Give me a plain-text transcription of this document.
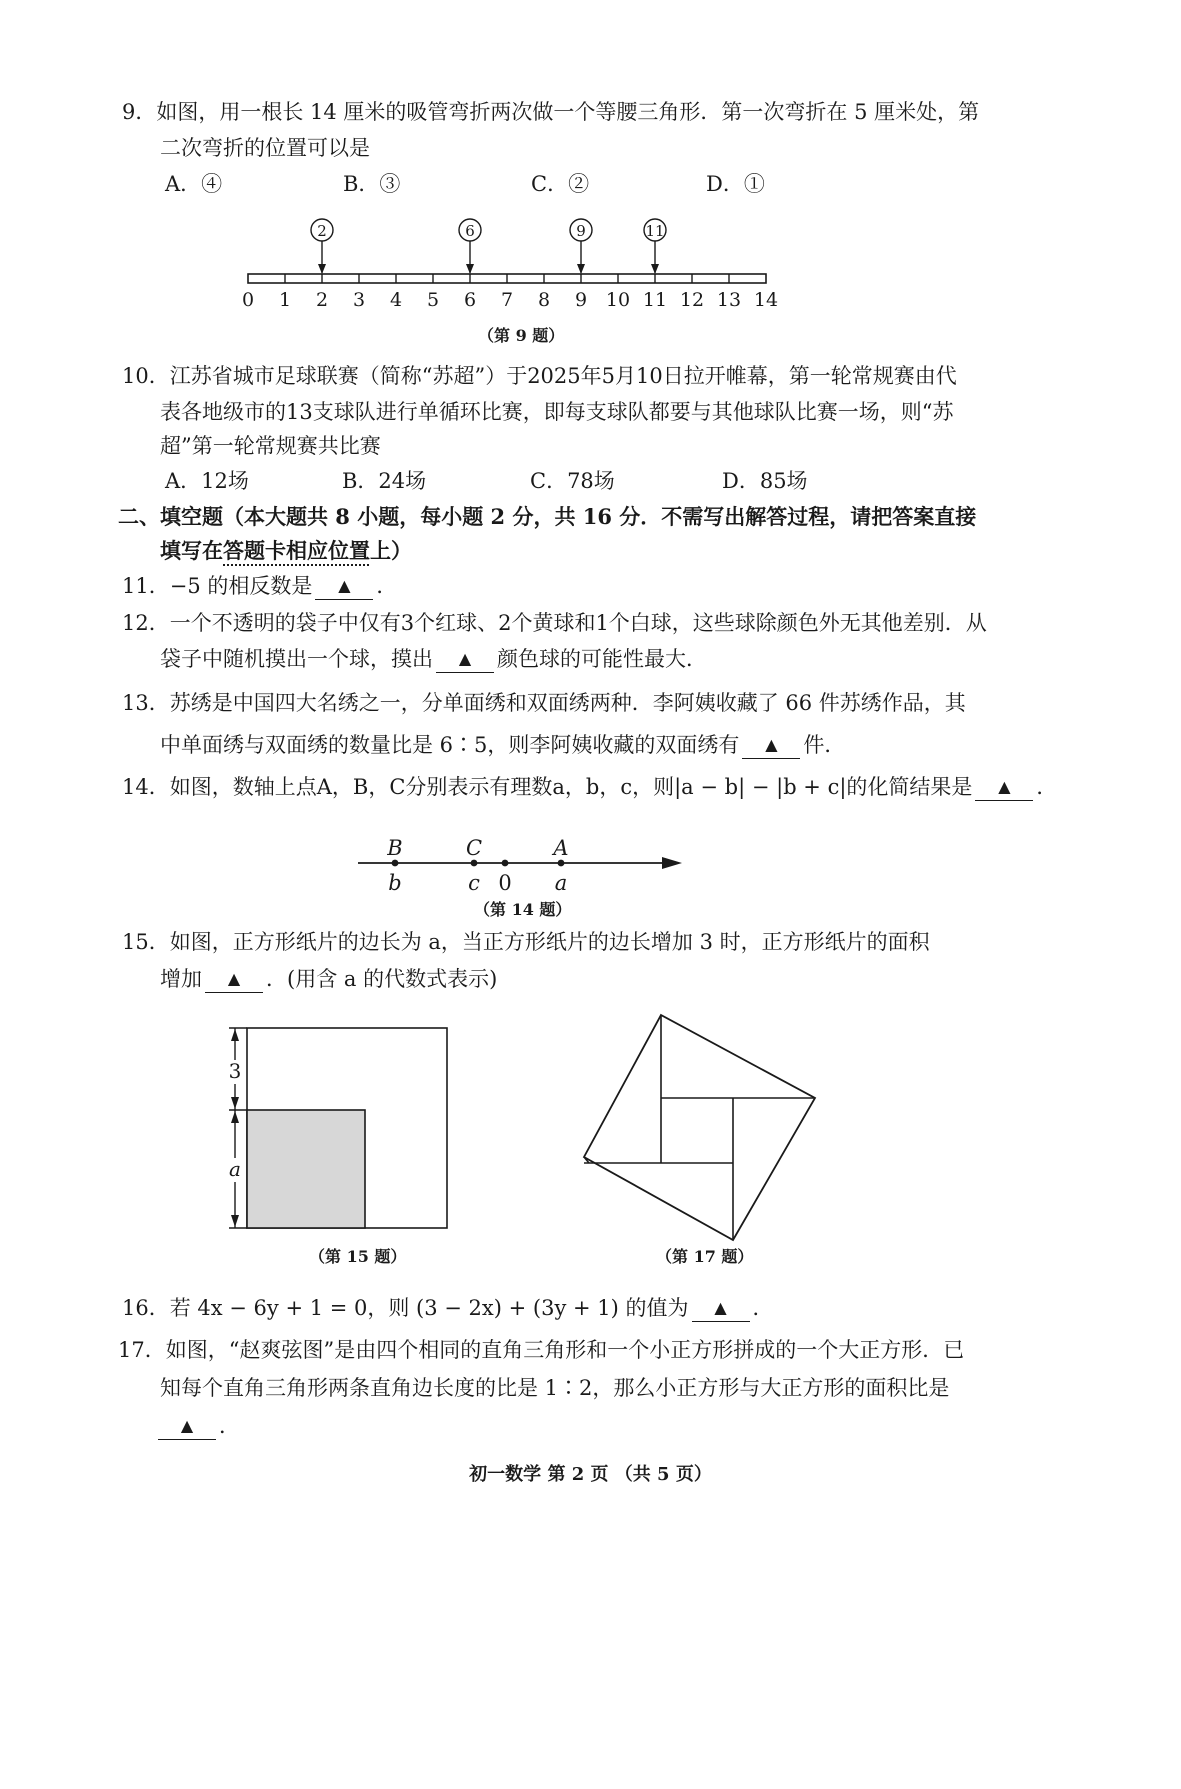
9．如图，用一根长 14 厘米的吸管弯折两次做一个等腰三角形．第一次弯折在 5 厘米处，第
二次弯折的位置可以是
A．④	B．③	C．②	D．①
0 1 2 3 4 5 6 7 8 9 10 11 12 13 14
2	6	9	11
（第 9 题）
10．江苏省城市足球联赛（简称“苏超”）于2025年5月10日拉开帷幕，第一轮常规赛由代
表各地级市的13支球队进行单循环比赛，即每支球队都要与其他球队比赛一场，则“苏
超”第一轮常规赛共比赛
A．12场	B．24场	C．78场	D．85场
二、填空题（本大题共 8 小题，每小题 2 分，共 16 分．不需写出解答过程，请把答案直接
填写在答题卡相应位置上）
11．−5 的相反数是 ▲ ．
12．一个不透明的袋子中仅有3个红球、2个黄球和1个白球，这些球除颜色外无其他差别．从
袋子中随机摸出一个球，摸出 ▲ 颜色球的可能性最大．
13．苏绣是中国四大名绣之一，分单面绣和双面绣两种．李阿姨收藏了 66 件苏绣作品，其
中单面绣与双面绣的数量比是 6∶5，则李阿姨收藏的双面绣有 ▲ 件．
14．如图，数轴上点A，B，C分别表示有理数a，b，c，则|a − b| − |b + c|的化简结果是 ▲ ．
B	C	A
b	c 0 a
（第 14 题）
15．如图，正方形纸片的边长为 a，当正方形纸片的边长增加 3 时，正方形纸片的面积
增加 ▲ ．(用含 a 的代数式表示)
3
a
（第 15 题）	（第 17 题）
16．若 4x − 6y + 1 = 0，则 (3 − 2x) + (3y + 1) 的值为 ▲ ．
17．如图，“赵爽弦图”是由四个相同的直角三角形和一个小正方形拼成的一个大正方形．已
知每个直角三角形两条直角边长度的比是 1∶2，那么小正方形与大正方形的面积比是
▲ ．
初一数学 第 2 页 （共 5 页）
